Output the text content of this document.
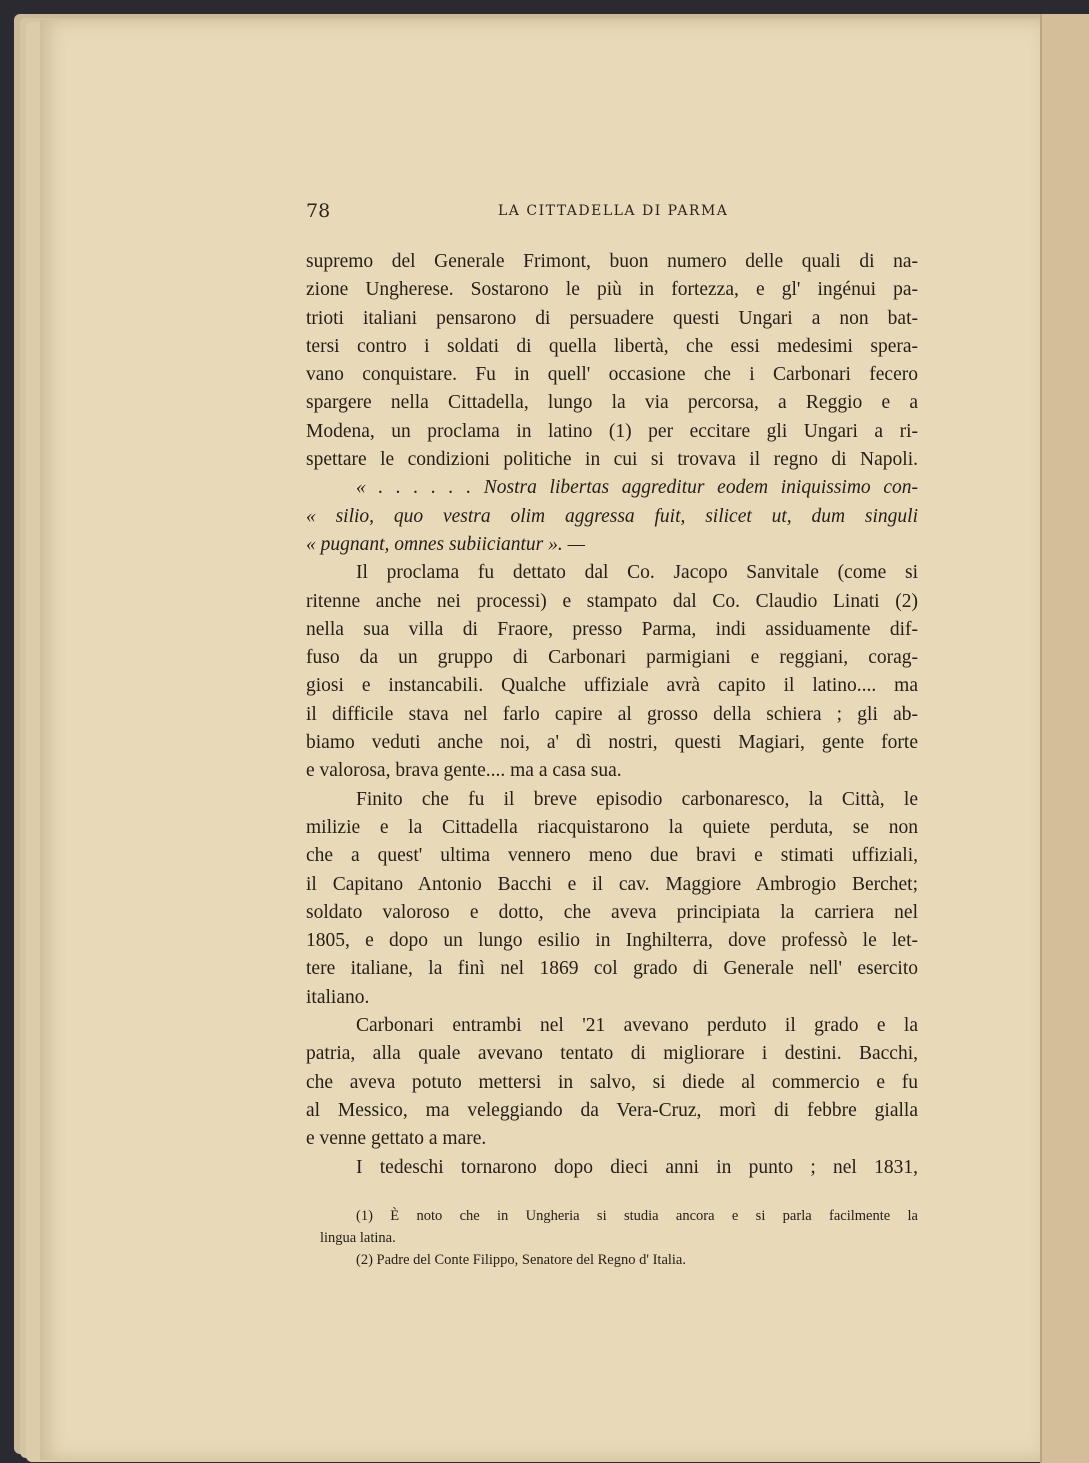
78	LA CITTADELLA DI PARMA
supremo del Generale Frimont, buon numero delle quali di na-
zione Ungherese. Sostarono le più in fortezza, e gl' ingénui pa-
trioti italiani pensarono di persuadere questi Ungari a non bat-
tersi contro i soldati di quella libertà, che essi medesimi spera-
vano conquistare. Fu in quell' occasione che i Carbonari fecero
spargere nella Cittadella, lungo la via percorsa, a Reggio e a
Modena, un proclama in latino (1) per eccitare gli Ungari a ri-
spettare le condizioni politiche in cui si trovava il regno di Napoli.
« . . . . . . Nostra libertas aggreditur eodem iniquissimo con-
« silio, quo vestra olim aggressa fuit, silicet ut, dum singuli
« pugnant, omnes subiiciantur ». —
Il proclama fu dettato dal Co. Jacopo Sanvitale (come si
ritenne anche nei processi) e stampato dal Co. Claudio Linati (2)
nella sua villa di Fraore, presso Parma, indi assiduamente dif-
fuso da un gruppo di Carbonari parmigiani e reggiani, corag-
giosi e instancabili. Qualche uffiziale avrà capito il latino.... ma
il difficile stava nel farlo capire al grosso della schiera ; gli ab-
biamo veduti anche noi, a' dì nostri, questi Magiari, gente forte
e valorosa, brava gente.... ma a casa sua.
Finito che fu il breve episodio carbonaresco, la Città, le
milizie e la Cittadella riacquistarono la quiete perduta, se non
che a quest' ultima vennero meno due bravi e stimati uffiziali,
il Capitano Antonio Bacchi e il cav. Maggiore Ambrogio Berchet;
soldato valoroso e dotto, che aveva principiata la carriera nel
1805, e dopo un lungo esilio in Inghilterra, dove professò le let-
tere italiane, la finì nel 1869 col grado di Generale nell' esercito
italiano.
Carbonari entrambi nel '21 avevano perduto il grado e la
patria, alla quale avevano tentato di migliorare i destini. Bacchi,
che aveva potuto mettersi in salvo, si diede al commercio e fu
al Messico, ma veleggiando da Vera-Cruz, morì di febbre gialla
e venne gettato a mare.
I tedeschi tornarono dopo dieci anni in punto ; nel 1831,
(1) È noto che in Ungheria si studia ancora e si parla facilmente la
lingua latina.
(2) Padre del Conte Filippo, Senatore del Regno d' Italia.
